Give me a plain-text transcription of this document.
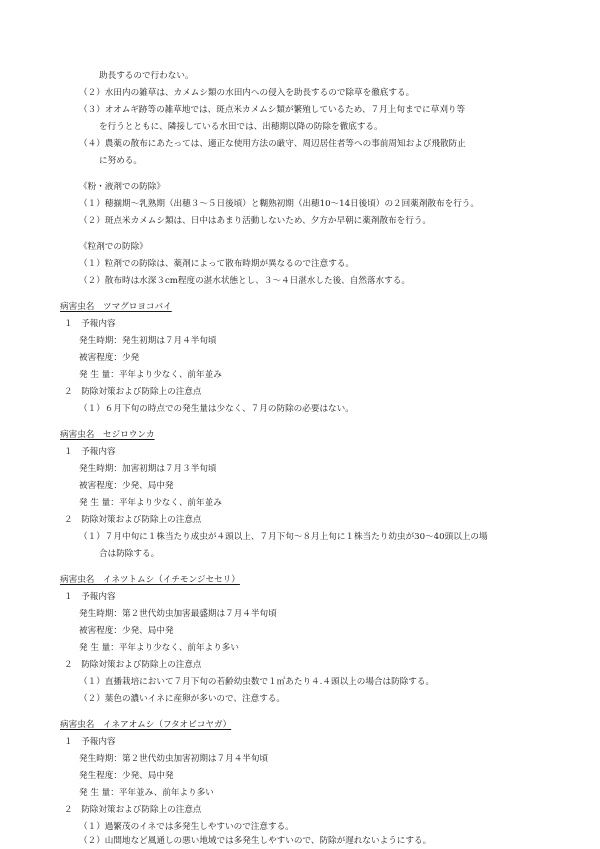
助長するので行わない。
（２）水田内の雑草は、カメムシ類の水田内への侵入を助長するので除草を徹底する。
（３）オオムギ跡等の雑草地では、斑点米カメムシ類が繁殖しているため、７月上旬までに草刈り等
を行うとともに、隣接している水田では、出穂期以降の防除を徹底する。
（４）農薬の散布にあたっては、適正な使用方法の厳守、周辺居住者等への事前周知および飛散防止
に努める。
《粉・液剤での防除》
（１）穂揃期～乳熟期（出穂３～５日後頃）と糊熟初期（出穂10～14日後頃）の２回薬剤散布を行う。
（２）斑点米カメムシ類は、日中はあまり活動しないため、夕方か早朝に薬剤散布を行う。
《粒剤での防除》
（１）粒剤での防除は、薬剤によって散布時期が異なるので注意する。
（２）散布時は水深３cm程度の湛水状態とし、３～４日湛水した後、自然落水する。
病害虫名　ツマグロヨコバイ
１　予報内容
発生時期：発生初期は７月４半旬頃
被害程度：少発
発 生 量：平年より少なく、前年並み
２　防除対策および防除上の注意点
（１）６月下旬の時点での発生量は少なく、７月の防除の必要はない。
病害虫名　セジロウンカ
１　予報内容
発生時期：加害初期は７月３半旬頃
被害程度：少発、局中発
発 生 量：平年より少なく、前年並み
２　防除対策および防除上の注意点
（１）７月中旬に１株当たり成虫が４頭以上、７月下旬～８月上旬に１株当たり幼虫が30～40頭以上の場
合は防除する。
病害虫名　イネツトムシ（イチモンジセセリ）
１　予報内容
発生時期：第２世代幼虫加害最盛期は７月４半旬頃
被害程度：少発、局中発
発 生 量：平年より少なく、前年より多い
２　防除対策および防除上の注意点
（１）直播栽培において７月下旬の若齢幼虫数で１㎡あたり４.４頭以上の場合は防除する。
（２）葉色の濃いイネに産卵が多いので、注意する。
病害虫名　イネアオムシ（フタオビコヤガ）
１　予報内容
発生時期：第２世代幼虫加害初期は７月４半旬頃
発生程度：少発、局中発
発 生 量：平年並み、前年より多い
２　防除対策および防除上の注意点
（１）過繁茂のイネでは多発生しやすいので注意する。
（２）山間地など風通しの悪い地域では多発生しやすいので、防除が遅れないようにする。
